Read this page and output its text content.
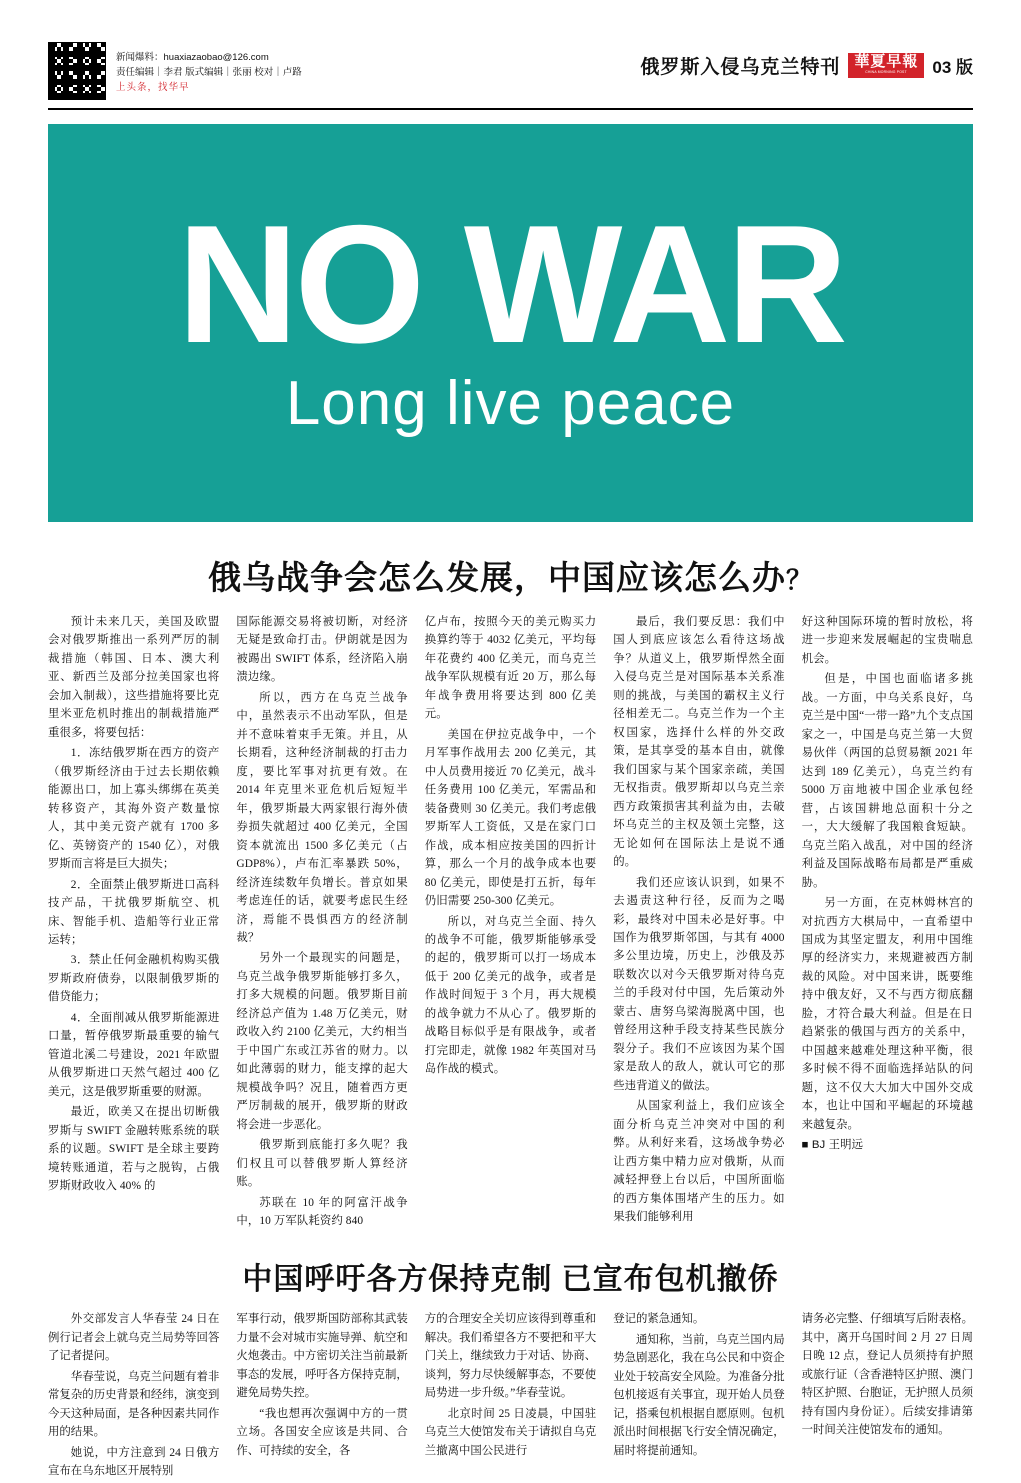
新闻爆料：huaxiazaobao@126.com
责任编辑｜李君 版式编辑｜张丽 校对｜卢路
上头条，找华早
俄罗斯入侵乌克兰特刊 華夏早報
CHINA MORNING POST	03 版
NO
WAR
Long live peace
俄乌战争会怎么发展，中国应该怎么办？

预计未来几天，美国及欧盟会对俄罗斯推出一系列严厉的制裁措施（韩国、日本、澳大利亚、新西兰及部分拉美国家也将会加入制裁），这些措施将要比克里米亚危机时推出的制裁措施严重很多，将要包括：

1．冻结俄罗斯在西方的资产（俄罗斯经济由于过去长期依赖能源出口，加上寡头绑绑在英美转移资产，其海外资产数量惊人，其中美元资产就有 1700 多亿、英镑资产的 1540 亿），对俄罗斯而言将是巨大损失；

2．全面禁止俄罗斯进口高科技产品，干扰俄罗斯航空、机床、智能手机、造船等行业正常运转；

3．禁止任何金融机构购买俄罗斯政府债券，以限制俄罗斯的借贷能力；

4．全面削减从俄罗斯能源进口量，暂停俄罗斯最重要的输气管道北溪二号建设，2021 年欧盟从俄罗斯进口天然气超过 400 亿美元，这是俄罗斯重要的财源。

最近，欧美又在提出切断俄罗斯与 SWIFT 金融转账系统的联系的议题。SWIFT 是全球主要跨境转账通道，若与之脱钩，占俄罗斯财政收入 40% 的

国际能源交易将被切断，对经济无疑是致命打击。伊朗就是因为被踢出 SWIFT 体系，经济陷入崩溃边缘。

所以，西方在乌克兰战争中，虽然表示不出动军队，但是并不意味着束手无策。并且，从长期看，这种经济制裁的打击力度，要比军事对抗更有效。在 2014 年克里米亚危机后短短半年，俄罗斯最大两家银行海外债券损失就超过 400 亿美元，全国资本就流出 1500 多亿美元（占 GDP8%），卢布汇率暴跌 50%，经济连续数年负增长。普京如果考虑连任的话，就要考虑民生经济，焉能不畏惧西方的经济制裁？

另外一个最现实的问题是，乌克兰战争俄罗斯能够打多久，打多大规模的问题。俄罗斯目前经济总产值为 1.48 万亿美元，财政收入约 2100 亿美元，大约相当于中国广东或江苏省的财力。以如此薄弱的财力，能支撑的起大规模战争吗？况且，随着西方更严厉制裁的展开，俄罗斯的财政将会进一步恶化。

俄罗斯到底能打多久呢？我们权且可以替俄罗斯人算经济账。

苏联在 10 年的阿富汗战争中，10 万军队耗资约 840

亿卢布，按照今天的美元购买力换算约等于 4032 亿美元，平均每年花费约 400 亿美元，而乌克兰战争军队规模有近 20 万，那么每年战争费用将要达到 800 亿美元。

美国在伊拉克战争中，一个月军事作战用去 200 亿美元，其中人员费用接近 70 亿美元，战斗任务费用 100 亿美元，军需品和装备费则 30 亿美元。我们考虑俄罗斯军人工资低，又是在家门口作战，成本相应按美国的四折计算，那么一个月的战争成本也要 80 亿美元，即使是打五折，每年仍旧需要 250-300 亿美元。

所以，对乌克兰全面、持久的战争不可能，俄罗斯能够承受的起的，俄罗斯可以打一场成本低于 200 亿美元的战争，或者是作战时间短于 3 个月，再大规模的战争就力不从心了。俄罗斯的战略目标似乎是有限战争，或者打完即走，就像 1982 年英国对马岛作战的模式。

最后，我们要反思：我们中国人到底应该怎么看待这场战争？从道义上，俄罗斯悍然全面入侵乌克兰是对国际基本关系准则的挑战，与美国的霸权主义行径相差无二。乌克兰作为一个主权国家，选择什么样的外交政策，是其享受的基本自由，就像我们国家与某个国家亲疏，美国无权指责。俄罗斯却以乌克兰亲西方政策损害其利益为由，去破坏乌克兰的主权及领土完整，这无论如何在国际法上是说不通的。

我们还应该认识到，如果不去遏责这种行径，反而为之喝彩，最终对中国未必是好事。中国作为俄罗斯邻国，与其有 4000 多公里边境，历史上，沙俄及苏联数次以对今天俄罗斯对待乌克兰的手段对付中国，先后策动外蒙古、唐努乌梁海脱离中国，也曾经用这种手段支持某些民族分裂分子。我们不应该因为某个国家是敌人的敌人，就认可它的那些违背道义的做法。

从国家利益上，我们应该全面分析乌克兰冲突对中国的利弊。从利好来看，这场战争势必让西方集中精力应对俄斯，从而减轻押登上台以后，中国所面临的西方集体围堵产生的压力。如果我们能够利用

好这种国际环境的暂时放松，将进一步迎来发展崛起的宝贵喘息机会。

但是，中国也面临诸多挑战。一方面，中乌关系良好，乌克兰是中国“一带一路”九个支点国家之一，中国是乌克兰第一大贸易伙伴（两国的总贸易额 2021 年达到 189 亿美元），乌克兰约有 5000 万亩地被中国企业承包经营，占该国耕地总面积十分之一，大大缓解了我国粮食短缺。乌克兰陷入战乱，对中国的经济利益及国际战略布局都是严重威胁。

另一方面，在克林姆林宫的对抗西方大棋局中，一直希望中国成为其坚定盟友，利用中国维厚的经济实力，来规避被西方制裁的风险。对中国来讲，既要维持中俄友好，又不与西方彻底翻脸，才符合最大利益。但是在日趋紧张的俄国与西方的关系中，中国越来越难处理这种平衡，很多时候不得不面临选择站队的问题，这不仅大大加大中国外交成本，也让中国和平崛起的环境越来越复杂。

■ BJ 王明远

中国呼吁各方保持克制 已宣布包机撤侨

外交部发言人华春莹 24 日在例行记者会上就乌克兰局势等回答了记者提问。

华春莹说，乌克兰问题有着非常复杂的历史背景和经纬，演变到今天这种局面，是各种因素共同作用的结果。

她说，中方注意到 24 日俄方宣布在乌东地区开展特别

军事行动，俄罗斯国防部称其武装力量不会对城市实施导弹、航空和火炮袭击。中方密切关注当前最新事态的发展，呼吁各方保持克制，避免局势失控。

“我也想再次强调中方的一贯立场。各国安全应该是共同、合作、可持续的安全，各

方的合理安全关切应该得到尊重和解决。我们希望各方不要把和平大门关上，继续致力于对话、协商、谈判，努力尽快缓解事态，不要使局势进一步升级。”华春莹说。

北京时间 25 日凌晨，中国驻乌克兰大使馆发布关于请拟自乌克兰撤离中国公民进行

登记的紧急通知。

通知称，当前，乌克兰国内局势急剧恶化，我在乌公民和中资企业处于较高安全风险。为准备分批包机接返有关事宜，现开始人员登记，搭乘包机根据自愿原则。包机派出时间根据飞行安全情况确定，届时将提前通知。

请务必完整、仔细填写后附表格。其中，离开乌国时间 2 月 27 日周日晚 12 点，登记人员须持有护照或旅行证（含香港特区护照、澳门特区护照、台胞证，无护照人员须持有国内身份证）。后续安排请第一时间关注使馆发布的通知。
